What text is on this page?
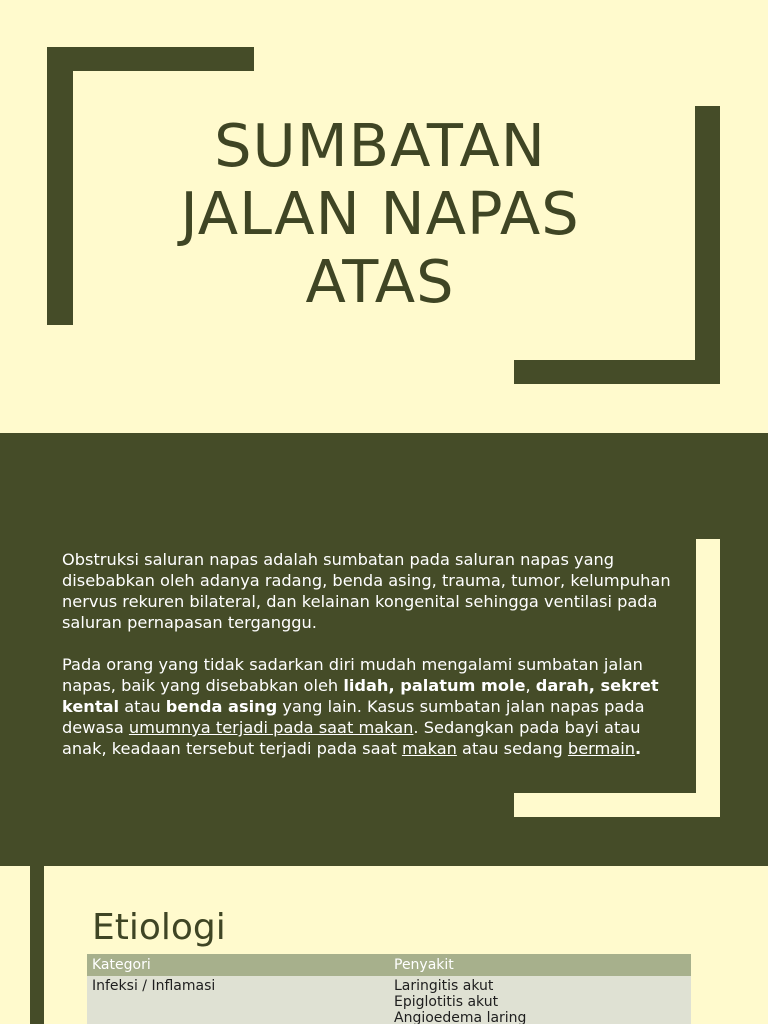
SUMBATAN
JALAN NAPAS
ATAS

Obstruksi saluran napas adalah sumbatan pada saluran napas yang disebabkan oleh adanya radang, benda asing, trauma, tumor, kelumpuhan nervus rekuren bilateral, dan kelainan kongenital sehingga ventilasi pada saluran pernapasan terganggu.

Pada orang yang tidak sadarkan diri mudah mengalami sumbatan jalan napas, baik yang disebabkan oleh lidah, palatum mole, darah, sekret kental atau benda asing yang lain. Kasus sumbatan jalan napas pada dewasa umumnya terjadi pada saat makan. Sedangkan pada bayi atau anak, keadaan tersebut terjadi pada saat makan atau sedang bermain.

Etiologi
Kategori	Penyakit
Infeksi / Inflamasi	Laringitis akut
Epiglotitis akut
Angioedema laring
